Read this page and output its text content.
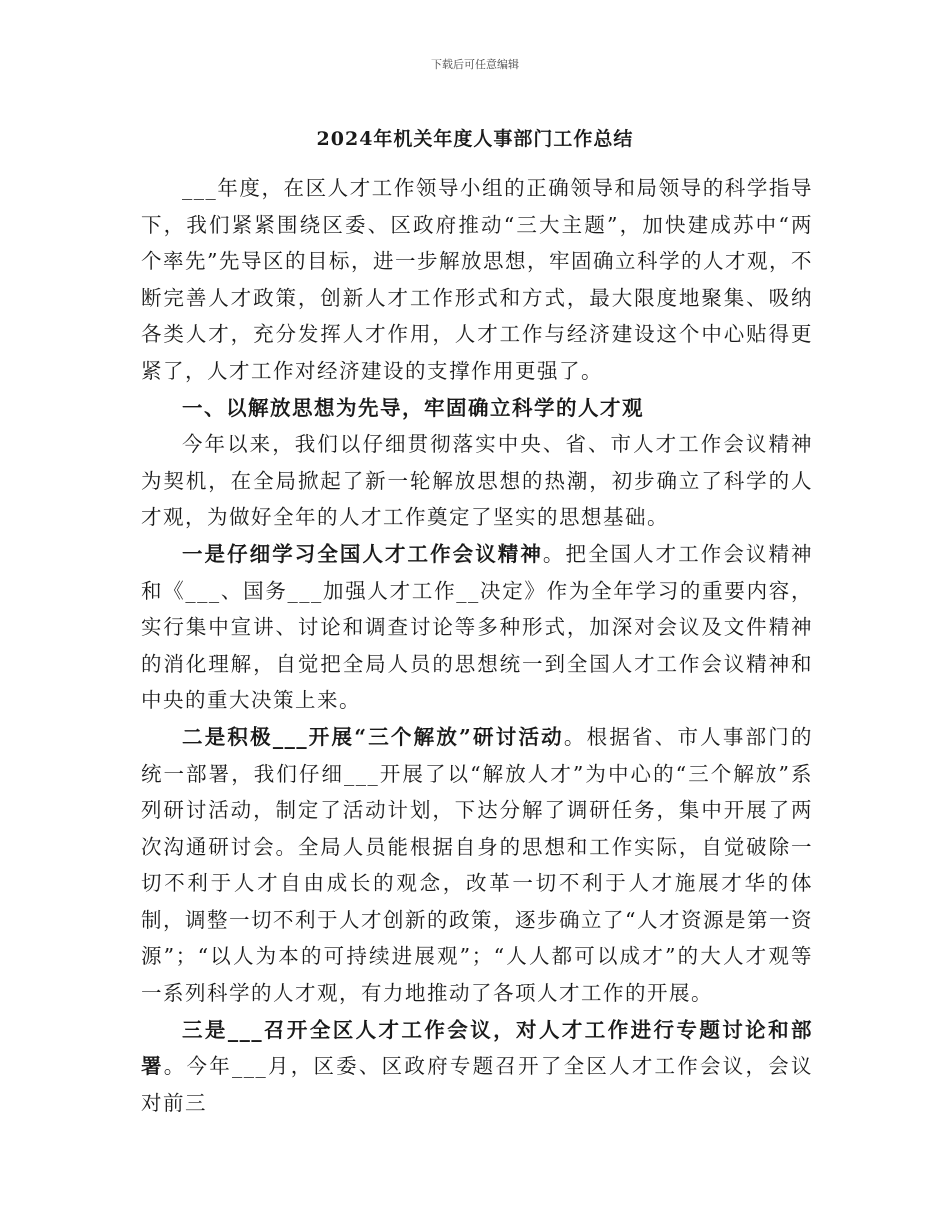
下载后可任意编辑
2024年机关年度人事部门工作总结

___年度，在区人才工作领导小组的正确领导和局领导的科学指导下，我们紧紧围绕区委、区政府推动“三大主题”，加快建成苏中“两个率先”先导区的目标，进一步解放思想，牢固确立科学的人才观，不断完善人才政策，创新人才工作形式和方式，最大限度地聚集、吸纳各类人才，充分发挥人才作用，人才工作与经济建设这个中心贴得更紧了，人才工作对经济建设的支撑作用更强了。

一、以解放思想为先导，牢固确立科学的人才观

今年以来，我们以仔细贯彻落实中央、省、市人才工作会议精神为契机，在全局掀起了新一轮解放思想的热潮，初步确立了科学的人才观，为做好全年的人才工作奠定了坚实的思想基础。

一是仔细学习全国人才工作会议精神。把全国人才工作会议精神和《___、国务___加强人才工作__决定》作为全年学习的重要内容，实行集中宣讲、讨论和调查讨论等多种形式，加深对会议及文件精神的消化理解，自觉把全局人员的思想统一到全国人才工作会议精神和中央的重大决策上来。

二是积极___开展“三个解放”研讨活动。根据省、市人事部门的统一部署，我们仔细___开展了以“解放人才”为中心的“三个解放”系列研讨活动，制定了活动计划，下达分解了调研任务，集中开展了两次沟通研讨会。全局人员能根据自身的思想和工作实际，自觉破除一切不利于人才自由成长的观念，改革一切不利于人才施展才华的体制，调整一切不利于人才创新的政策，逐步确立了“人才资源是第一资源”；“以人为本的可持续进展观”；“人人都可以成才”的大人才观等一系列科学的人才观，有力地推动了各项人才工作的开展。

三是___召开全区人才工作会议，对人才工作进行专题讨论和部署。今年___月，区委、区政府专题召开了全区人才工作会议，会议对前三
